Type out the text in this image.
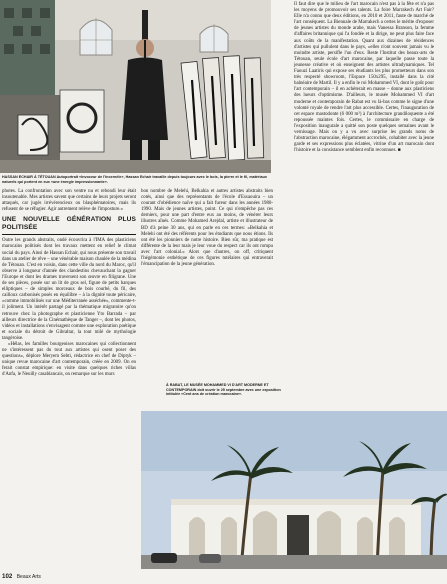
HASSAN ECHAIR À TÉTOUAN Autoportrait «Invoceur de l'Incernéle», Hassan Echair travaille depuis toujours avec le bois, la pierre et le fil, matériaux naturels qui portent en eux «une énergie impressionnante».

photes. La confrontation avec son ventre nu et rebondi leur était insoutenable. Mes artistes savent que certains de leurs projets seront attaqués, car jugés irrévérencieux ou blasphématoires, mais ils refusent de se réfugier. Agir autrement relève de l'imposture.»

UNE NOUVELLE GÉNÉRATION PLUS POLITISÉE

Outre les grands abstraits, ondé écouvrira à l'IMA des plasticiens marocains politisés dont les travaux mettent en relief le climat social du pays. Ainsi de Hassan Echair, qui nous présente son travail dans un atelier de rêve – une vénérable maison chaulée de la médina de Tétouan. C'est en voisin, dans cette ville du nord du Maroc, qu'il observe à longueur d'année des clandestins chevauchant la gagner l'Europe et dont les drames traversent son œuvre en filigrane. Une de ses pièces, posée sur un lit de gros sel, figure de petits barques elliptiques – de simples morceaux de bois courbé, du fil, des cailloux carbonisés posés en équilibre – à la dignité toute péricaire, «comme immobilisés sur une Méditerranée asséchée», commente-t-il joliment. Un intérêt partagé par la thématique migratoire qu'on retrouve chez la photographe et plasticienne Yto Barrada – par ailleurs directrice de la Cinémathèque de Tanger –, dont les photos, vidéos et installations s'envisagent comme une exploration poétique et sociale du détroit de Gibraltar, la tout milé de mythologie tangéroise.

«Hélas, les familles bourgeoises marocaines qui collectionnent ne s'intéressent pas du tout aux artistes qui osent poser des questions», déplore Meryem Sebti, rédactrice en chef de Diptyk – unique revue marocaine d'art contemporain, créée en 2009. On en ferait constat empirique: en visite dans quelques riches villas d'Anfa, le Neuilly casablancais, on remarque sur les murs

bon nombre de Melehi, Belkahia et autres artistes abstraits bien cotés, ainsi que des représentants de l'école d'Essaouira – un courant d'obédience naïve qui a fait fureur dans les années 1980-1990. Mais de jeunes artistes, point. Ce qui n'empêche pas ces derniers, pour une part d'entre eux au moins, de vénérer leurs illustres aînés. Comme Mohamed Arejdal, artiste et illustrateur de BD d'à peine 30 ans, qui en parle en ces termes: «Belkahia et Melehi ont été des référents pour les étudiants que nous étions. Ils ont été les pionniers de notre histoire. Bien sûr, ma pratique est différente de la leur mais je leur voue du respect car ils ont rompu avec l'art colonial.» Alors que d'autres, on off, critiquent l'hégémonie esthétique de ces figures tutélaires qui entraverait l'émancipation de la jeune génération.

Il faut dire que le milieu de l'art marocain n'est pas à la fête et n'a pas les moyens de promouvoir ses talents. La foire Marrakech Art Fair? Elle n'a connu que deux éditions, en 2010 et 2011, faute de marché de l'art conséquent. La Biennale de Marrakech a certes le mérite d'exposer de jeunes artistes du monde arabe, mais Vanessa Branson, la femme d'affaires britannique qui l'a fondée et la dirige, ne peut plus faire face aux coûts de la manifestation. Quant aux dizaines de résidences d'artistes qui pullulent dans le pays, «elles n'ont souvent jamais vu le moindre artiste, persifle l'un d'eux. Reste l'Institut des beaux-arts de Tétouan, seule école d'art marocaine, par laquelle passe toute la jeunesse créative et où enseignent des artistes ultradynamiques. Tel Faouzi Laatiris qui expose ses étudiants les plus prometteurs dans son très respecté showroom, l'Espace 150x295, installé dans la cité balnéaire de Martil. Il y a enfin le roi Mohammed VI, dont le goût pour l'art contemporain – il en achèterait en masse – donne aux plasticiens des lueurs d'optimisme. D'ailleurs, le musée Mohammed VI d'art moderne et contemporain de Rabat est vu là-bas comme le signe d'une volonté royale de rendre l'art plus accessible. Certes, l'inauguration de cet espace mastodonte (6 000 m²) à l'architecture grandiloquente a été repoussée maintes fois. Certes, le commissaire en charge de l'exposition inaugurale a quitté son poste quelques semaines avant le vernissage. Mais on y a vu avec surprise les grands noms de l'abstraction marocaine, élégamment accrochés, cohabiter avec la jeune garde et ses expressions plus éclatées, vitrine d'un art marocain dont l'histoire et la consistance semblent enfin reconnues. ■

À RABAT, LE MUSÉE MOHAMMED VI D'ART MODERNE ET CONTEMPORAIN doit ouvrir le 25 septembre avec une exposition intitulée «Cent ans de création marocaine».
102 Beaux Arts
